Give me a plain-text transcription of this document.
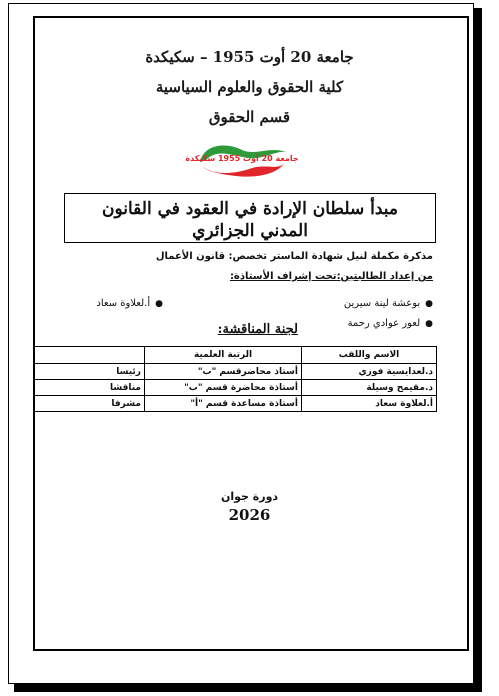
جامعة 20 أوت 1955 – سكيكدة
كلية الحقوق والعلوم السياسية
قسم الحقوق
جامعة 20 أوت 1955 سكيكدة
مبدأ سلطان الإرادة في العقود في القانون
المدني الجزائري
مذكرة مكملة لنيل شهادة الماستر تخصص: قانون الأعمال
من إعداد الطالبتين:تحت إشراف الأستاذة:
●بوعشة لينة سيرين
●لعور عوادي رحمة
●أ.لعلاوة سعاد
لجنة المناقشة:
الاسم واللقب	الرتبة العلمية	
د.لعدايسية فوزي	أستاذ محاضرقسم "ب"	رئيسا
د.مقيمح وسيلة	أستاذة محاضرة قسم "ب"	مناقشا
أ.لعلاوة سعاد	أستاذة مساعدة قسم "أ"	مشرفا
دورة جوان
2026
